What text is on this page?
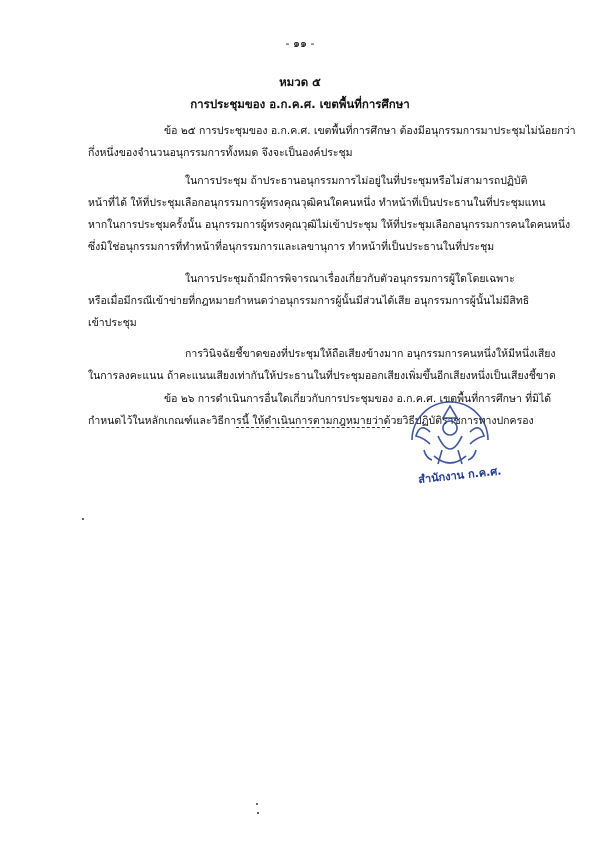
- ๑๑ -
หมวด ๕
การประชุมของ อ.ก.ค.ศ. เขตพื้นที่การศึกษา
ข้อ ๒๕ การประชุมของ อ.ก.ค.ศ. เขตพื้นที่การศึกษา ต้องมีอนุกรรมการมาประชุมไม่น้อยกว่า
กึ่งหนึ่งของจำนวนอนุกรรมการทั้งหมด จึงจะเป็นองค์ประชุม
ในการประชุม ถ้าประธานอนุกรรมการไม่อยู่ในที่ประชุมหรือไม่สามารถปฏิบัติ
หน้าที่ได้ ให้ที่ประชุมเลือกอนุกรรมการผู้ทรงคุณวุฒิคนใดคนหนึ่ง ทำหน้าที่เป็นประธานในที่ประชุมแทน
หากในการประชุมครั้งนั้น อนุกรรมการผู้ทรงคุณวุฒิไม่เข้าประชุม ให้ที่ประชุมเลือกอนุกรรมการคนใดคนหนึ่ง
ซึ่งมิใช่อนุกรรมการที่ทำหน้าที่อนุกรรมการและเลขานุการ ทำหน้าที่เป็นประธานในที่ประชุม
ในการประชุมถ้ามีการพิจารณาเรื่องเกี่ยวกับตัวอนุกรรมการผู้ใดโดยเฉพาะ
หรือเมื่อมีกรณีเข้าข่ายที่กฎหมายกำหนดว่าอนุกรรมการผู้นั้นมีส่วนได้เสีย อนุกรรมการผู้นั้นไม่มีสิทธิ
เข้าประชุม
การวินิจฉัยชี้ขาดของที่ประชุมให้ถือเสียงข้างมาก อนุกรรมการคนหนึ่งให้มีหนึ่งเสียง
ในการลงคะแนน ถ้าคะแนนเสียงเท่ากันให้ประธานในที่ประชุมออกเสียงเพิ่มขึ้นอีกเสียงหนึ่งเป็นเสียงชี้ขาด
ข้อ ๒๖ การดำเนินการอื่นใดเกี่ยวกับการประชุมของ อ.ก.ค.ศ. เขตพื้นที่การศึกษา ที่มิได้
กำหนดไว้ในหลักเกณฑ์และวิธีการนี้ ให้ดำเนินการตามกฎหมายว่าด้วยวิธีปฏิบัติราชการทางปกครอง
สำนักงาน ก.ค.ศ.
